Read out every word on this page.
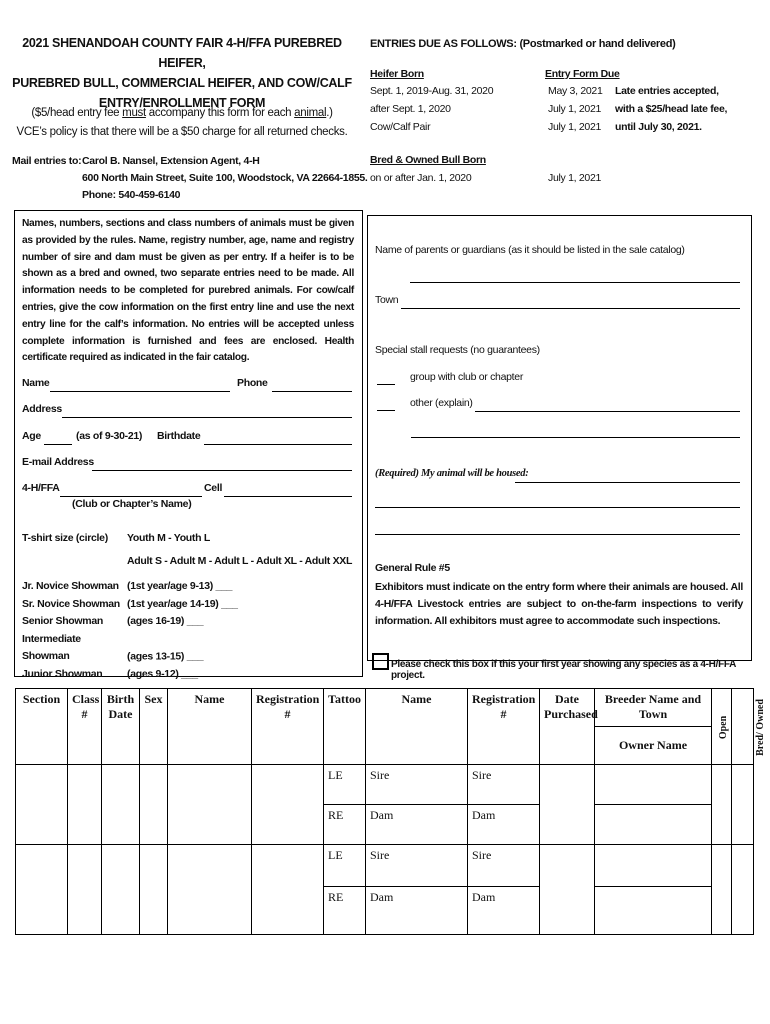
2021 SHENANDOAH COUNTY FAIR 4-H/FFA PUREBRED HEIFER,
PUREBRED BULL, COMMERCIAL HEIFER, AND COW/CALF
ENTRY/ENROLLMENT FORM
($5/head entry fee must accompany this form for each animal.)
VCE’s policy is that there will be a $50 charge for all returned checks.
Mail entries to: Carol B. Nansel, Extension Agent, 4-H
600 North Main Street, Suite 100, Woodstock, VA 22664-1855.
Phone: 540-459-6140
ENTRIES DUE AS FOLLOWS: (Postmarked or hand delivered)
Heifer Born	Entry Form Due
Sept. 1, 2019-Aug. 31, 2020	May 3, 2021
after Sept. 1, 2020	July 1, 2021
Cow/Calf Pair	July 1, 2021
Late entries accepted,
with a $25/head late fee,
until July 30, 2021.
Bred & Owned Bull Born
on or after Jan. 1, 2020	July 1, 2021
Names, numbers, sections and class numbers of animals must be given as provided by the rules. Name, registry number, age, name and registry number of sire and dam must be given as per entry. If a heifer is to be shown as a bred and owned, two separate entries need to be made. All information needs to be completed for purebred animals. For cow/calf entries, give the cow information on the first entry line and use the next entry line for the calf’s information. No entries will be accepted unless complete information is furnished and fees are enclosed. Health certificate required as indicated in the fair catalog.
Name	Phone
Address
Age	(as of 9-30-21) Birthdate
E-mail Address
4-H/FFA	Cell
(Club or Chapter’s Name)
T-shirt size (circle) Youth M - Youth L
Adult S - Adult M - Adult L - Adult XL - Adult XXL
Jr. Novice Showman (1st year/age 9-13) ___
Sr. Novice Showman (1st year/age 14-19) ___
Senior Showman (ages 16-19) ___
Intermediate Showman	(ages 13-15) ___
Junior Showman (ages 9-12) ___
Name of parents or guardians (as it should be listed in the sale catalog)
Town
Special stall requests (no guarantees)
group with club or chapter
other (explain)
(Required) My animal will be housed:
General Rule #5
Exhibitors must indicate on the entry form where their animals are housed. All 4-H/FFA Livestock entries are subject to on-the-farm inspections to verify information. All exhibitors must agree to accommodate such inspections.
Please check this box if this your first year showing any species as a 4-H/FFA project.
Section	Class #	Birth Date	Sex	Name	Registration #	Tattoo	Name	Registration #	Date Purchased	Breeder Name and Town	Open	Bred/ Owned
										Owner Name		
						LE	Sire	Sire				
						RE	Dam	Dam				
						LE	Sire	Sire				
						RE	Dam	Dam				
